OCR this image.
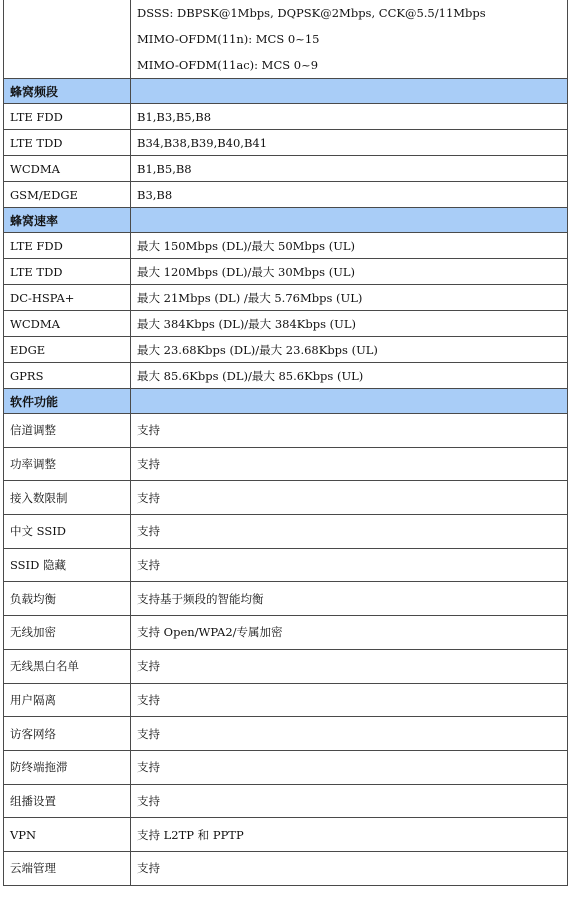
	DSSS: DBPSK@1Mbps, DQPSK@2Mbps, CCK@5.5/11Mbps
MIMO-OFDM(11n): MCS 0~15
MIMO-OFDM(11ac): MCS 0~9

蜂窝频段	
LTE FDD	B1,B3,B5,B8
LTE TDD	B34,B38,B39,B40,B41
WCDMA	B1,B5,B8
GSM/EDGE	B3,B8
蜂窝速率	
LTE FDD	最大 150Mbps (DL)/最大 50Mbps (UL)
LTE TDD	最大 120Mbps (DL)/最大 30Mbps (UL)
DC-HSPA+	最大 21Mbps (DL) /最大 5.76Mbps (UL)
WCDMA	最大 384Kbps (DL)/最大 384Kbps (UL)
EDGE	最大 23.68Kbps (DL)/最大 23.68Kbps (UL)
GPRS	最大 85.6Kbps (DL)/最大 85.6Kbps (UL)
软件功能	
信道调整	支持
功率调整	支持
接入数限制	支持
中文 SSID	支持
SSID 隐藏	支持
负载均衡	支持基于频段的智能均衡
无线加密	支持 Open/WPA2/专属加密
无线黑白名单	支持
用户隔离	支持
访客网络	支持
防终端拖滞	支持
组播设置	支持
VPN	支持 L2TP 和 PPTP
云端管理	支持
